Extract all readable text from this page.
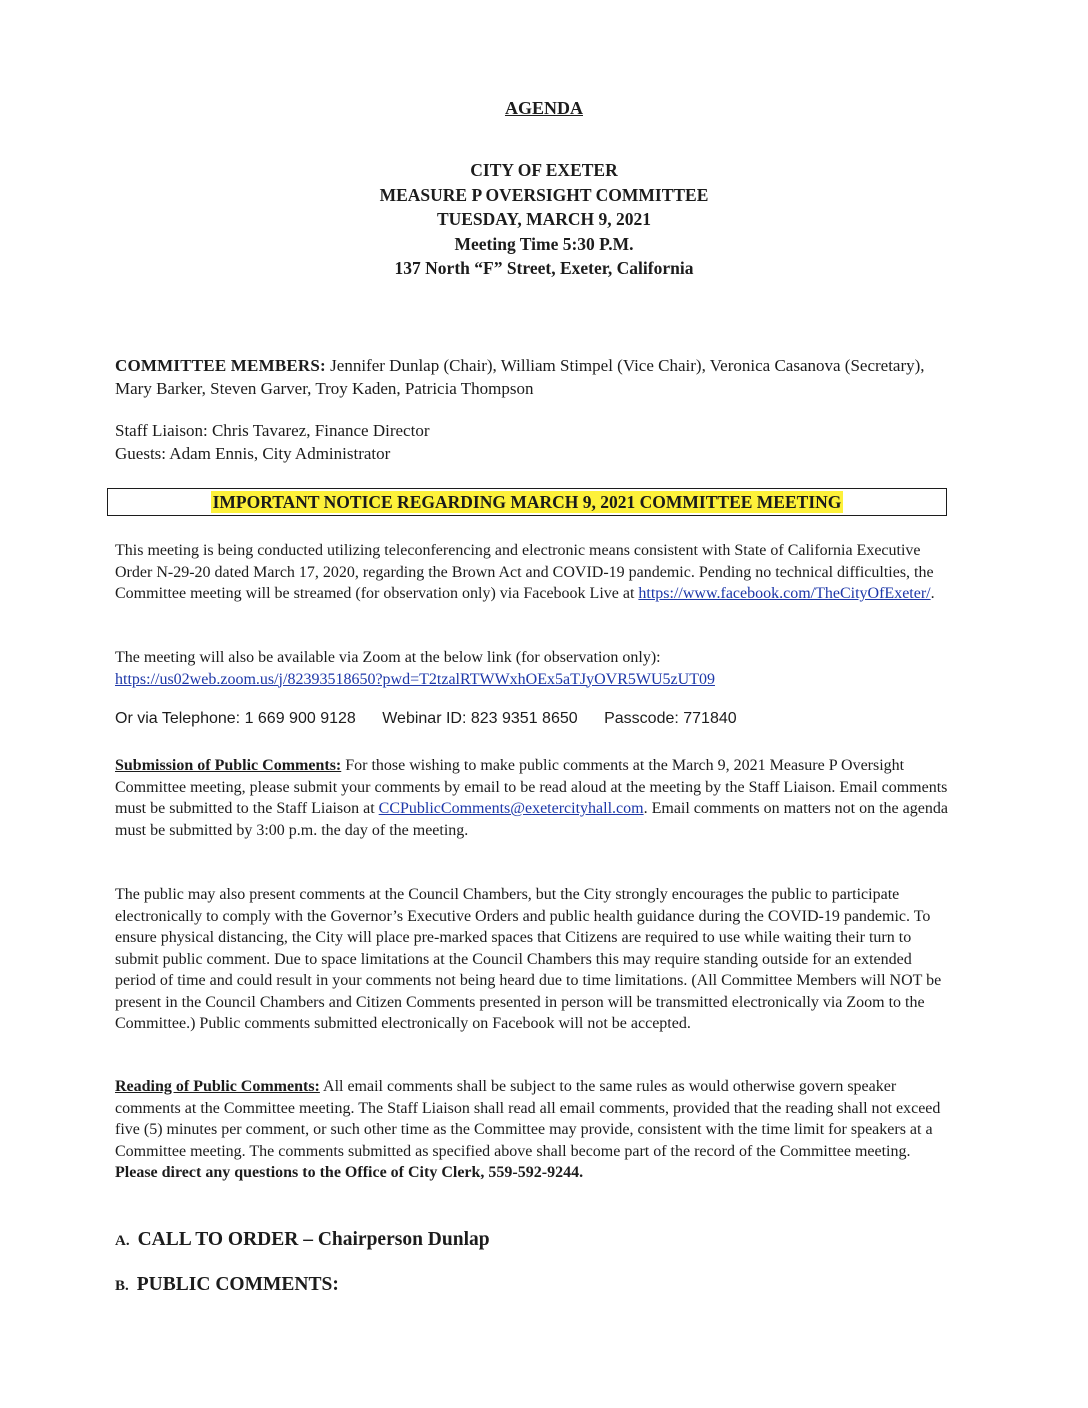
AGENDA
CITY OF EXETER
MEASURE P OVERSIGHT COMMITTEE
TUESDAY, MARCH 9, 2021
Meeting Time 5:30 P.M.
137 North “F” Street, Exeter, California

COMMITTEE MEMBERS: Jennifer Dunlap (Chair), William Stimpel (Vice Chair), Veronica Casanova (Secretary), Mary Barker, Steven Garver, Troy Kaden, Patricia Thompson

Staff Liaison: Chris Tavarez, Finance Director

Guests: Adam Ennis, City Administrator

IMPORTANT NOTICE REGARDING MARCH 9, 2021 COMMITTEE MEETING

This meeting is being conducted utilizing teleconferencing and electronic means consistent with State of California Executive Order N-29-20 dated March 17, 2020, regarding the Brown Act and COVID-19 pandemic. Pending no technical difficulties, the Committee meeting will be streamed (for observation only) via Facebook Live at https://www.facebook.com/TheCityOfExeter/.

The meeting will also be available via Zoom at the below link (for observation only):

https://us02web.zoom.us/j/82393518650?pwd=T2tzalRTWWxhOEx5aTJyOVR5WU5zUT09

Or via Telephone: 1 669 900 9128 Webinar ID: 823 9351 8650 Passcode: 771840

Submission of Public Comments: For those wishing to make public comments at the March 9, 2021 Measure P Oversight Committee meeting, please submit your comments by email to be read aloud at the meeting by the Staff Liaison. Email comments must be submitted to the Staff Liaison at CCPublicComments@exetercityhall.com. Email comments on matters not on the agenda must be submitted by 3:00 p.m. the day of the meeting.

The public may also present comments at the Council Chambers, but the City strongly encourages the public to participate electronically to comply with the Governor’s Executive Orders and public health guidance during the COVID-19 pandemic. To ensure physical distancing, the City will place pre-marked spaces that Citizens are required to use while waiting their turn to submit public comment. Due to space limitations at the Council Chambers this may require standing outside for an extended period of time and could result in your comments not being heard due to time limitations. (All Committee Members will NOT be present in the Council Chambers and Citizen Comments presented in person will be transmitted electronically via Zoom to the Committee.) Public comments submitted electronically on Facebook will not be accepted.

Reading of Public Comments: All email comments shall be subject to the same rules as would otherwise govern speaker comments at the Committee meeting. The Staff Liaison shall read all email comments, provided that the reading shall not exceed five (5) minutes per comment, or such other time as the Committee may provide, consistent with the time limit for speakers at a Committee meeting. The comments submitted as specified above shall become part of the record of the Committee meeting.

Please direct any questions to the Office of City Clerk, 559-592-9244.

A. CALL TO ORDER – Chairperson Dunlap
B. PUBLIC COMMENTS:
